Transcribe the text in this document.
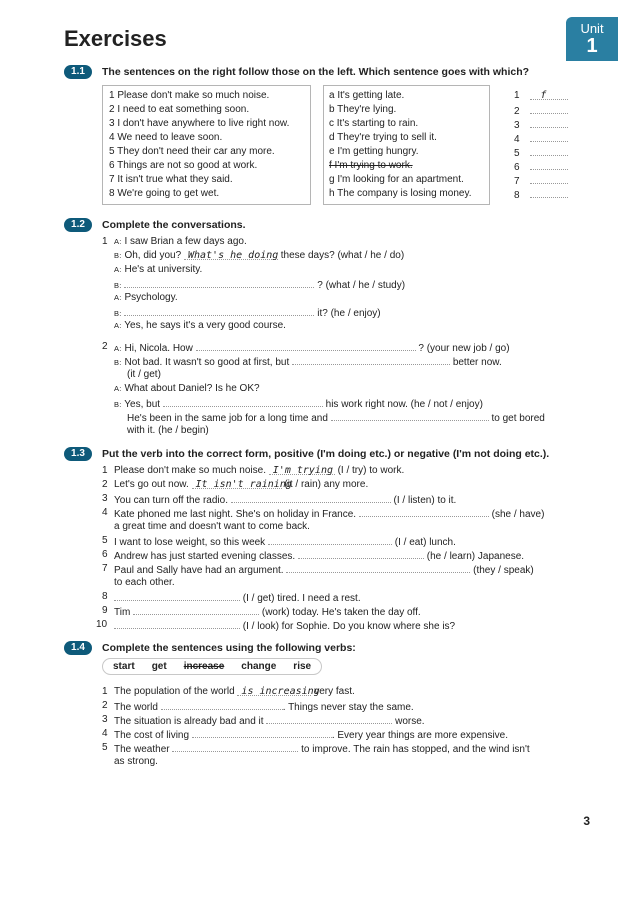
Exercises	Unit
1
1.1	The sentences on the right follow those on the left. Which sentence goes with which?
1 Please don't make so much noise.
2 I need to eat something soon.
3 I don't have anywhere to live right now.
4 We need to leave soon.
5 They don't need their car any more.
6 Things are not so good at work.
7 It isn't true what they said.
8 We're going to get wet.
a It's getting late.
b They're lying.
c It's starting to rain.
d They're trying to sell it.
e I'm getting hungry.
f I'm trying to work.
g I'm looking for an apartment.
h The company is losing money.
1 f
2
3
4
5
6
7
8
1.2	Complete the conversations.
1 A: I saw Brian a few days ago.
B: Oh, did you? What's he doing these days? (what / he / do)
A: He's at university.
B:	? (what / he / study)
A: Psychology.
B:	it? (he / enjoy)
A: Yes, he says it's a very good course.
2 A: Hi, Nicola. How	? (your new job / go)
B: Not bad. It wasn't so good at first, but	better now.
(it / get)
A: What about Daniel? Is he OK?
B: Yes, but	his work right now. (he / not / enjoy)
He's been in the same job for a long time and	to get bored
with it. (he / begin)
1.3	Put the verb into the correct form, positive (I'm doing etc.) or negative (I'm not doing etc.).
1 Please don't make so much noise. I'm trying (I / try) to work.
2 Let's go out now. It isn't raining (it / rain) any more.
3 You can turn off the radio.	(I / listen) to it.
4 Kate phoned me last night. She's on holiday in France.	(she / have)
a great time and doesn't want to come back.
5 I want to lose weight, so this week	(I / eat) lunch.
6 Andrew has just started evening classes.	(he / learn) Japanese.
7 Paul and Sally have had an argument.	(they / speak)
to each other.
8	(I / get) tired. I need a rest.
9 Tim	(work) today. He's taken the day off.
10	(I / look) for Sophie. Do you know where she is?
1.4	Complete the sentences using the following verbs:
start get increase change rise
1 The population of the world is increasing very fast.
2 The world	. Things never stay the same.
3 The situation is already bad and it	worse.
4 The cost of living	. Every year things are more expensive.
5 The weather	to improve. The rain has stopped, and the wind isn't
as strong.
3
